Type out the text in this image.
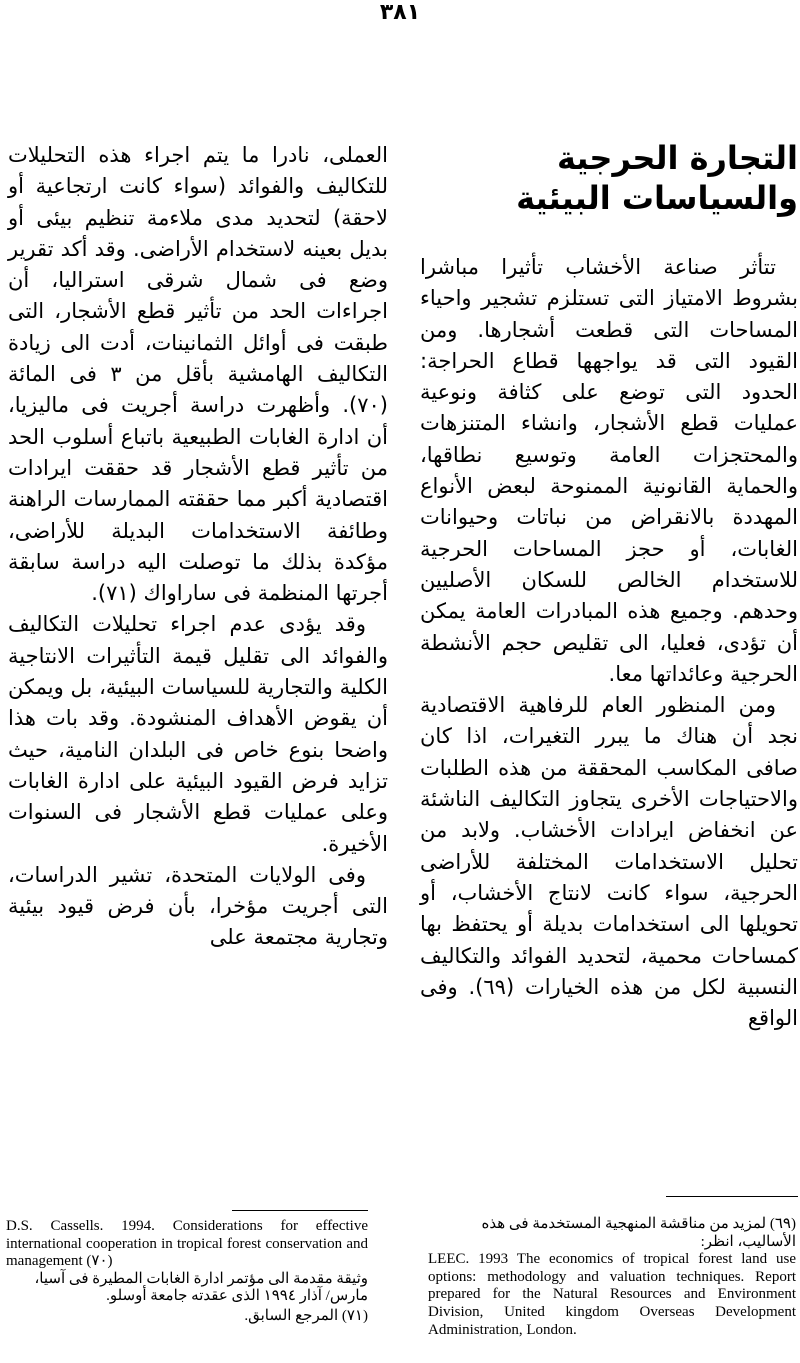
٣٨١
التجارة الحرجية
والسياسات البيئية

تتأثر صناعة الأخشاب تأثيرا مباشرا بشروط الامتياز التى تستلزم تشجير واحياء المساحات التى قطعت أشجارها. ومن القيود التى قد يواجهها قطاع الحراجة: الحدود التى توضع على كثافة ونوعية عمليات قطع الأشجار، وانشاء المتنزهات والمحتجزات العامة وتوسيع نطاقها، والحماية القانونية الممنوحة لبعض الأنواع المهددة بالانقراض من نباتات وحيوانات الغابات، أو حجز المساحات الحرجية للاستخدام الخالص للسكان الأصليين وحدهم. وجميع هذه المبادرات العامة يمكن أن تؤدى، فعليا، الى تقليص حجم الأنشطة الحرجية وعائداتها معا.

ومن المنظور العام للرفاهية الاقتصادية نجد أن هناك ما يبرر التغيرات، اذا كان صافى المكاسب المحققة من هذه الطلبات والاحتياجات الأخرى يتجاوز التكاليف الناشئة عن انخفاض ايرادات الأخشاب. ولابد من تحليل الاستخدامات المختلفة للأراضى الحرجية، سواء كانت لانتاج الأخشاب، أو تحويلها الى استخدامات بديلة أو يحتفظ بها كمساحات محمية، لتحديد الفوائد والتكاليف النسبية لكل من هذه الخيارات (٦٩). وفى الواقع

العملى، نادرا ما يتم اجراء هذه التحليلات للتكاليف والفوائد (سواء كانت ارتجاعية أو لاحقة) لتحديد مدى ملاءمة تنظيم بيئى أو بديل بعينه لاستخدام الأراضى. وقد أكد تقرير وضع فى شمال شرقى استراليا، أن اجراءات الحد من تأثير قطع الأشجار، التى طبقت فى أوائل الثمانينات، أدت الى زيادة التكاليف الهامشية بأقل من ٣ فى المائة (٧٠). وأظهرت دراسة أجريت فى ماليزيا، أن ادارة الغابات الطبيعية باتباع أسلوب الحد من تأثير قطع الأشجار قد حققت ايرادات اقتصادية أكبر مما حققته الممارسات الراهنة وطائفة الاستخدامات البديلة للأراضى، مؤكدة بذلك ما توصلت اليه دراسة سابقة أجرتها المنظمة فى ساراواك (٧١).

وقد يؤدى عدم اجراء تحليلات التكاليف والفوائد الى تقليل قيمة التأثيرات الانتاجية الكلية والتجارية للسياسات البيئية، بل ويمكن أن يقوض الأهداف المنشودة. وقد بات هذا واضحا بنوع خاص فى البلدان النامية، حيث تزايد فرض القيود البيئية على ادارة الغابات وعلى عمليات قطع الأشجار فى السنوات الأخيرة.

وفى الولايات المتحدة، تشير الدراسات، التى أجريت مؤخرا، بأن فرض قيود بيئية وتجارية مجتمعة على

(٦٩) لمزيد من مناقشة المنهجية المستخدمة فى هذه الأساليب، انظر:

LEEC. 1993 The economics of tropical forest land use options: methodology and valuation techniques. Report prepared for the Natural Resources and Environment Division, United kingdom Overseas Development Administration, London.

D.S. Cassells. 1994. Considerations for effective international cooperation in tropical forest conservation and management (٧٠)

وثيقة مقدمة الى مؤتمر ادارة الغابات المطيرة فى آسيا، مارس/ آذار ١٩٩٤ الذى عقدته جامعة أوسلو.

(٧١) المرجع السابق.
